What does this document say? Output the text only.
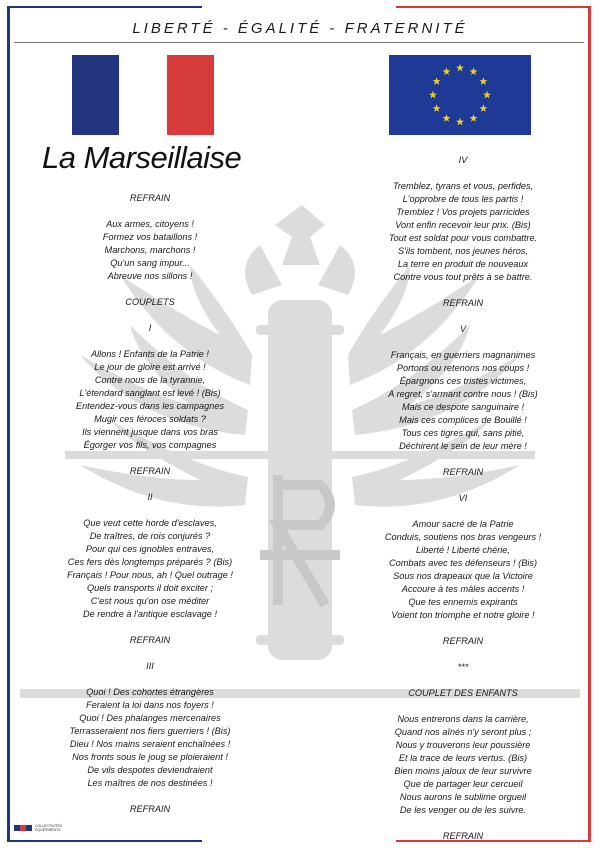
LIBERTÉ - ÉGALITÉ - FRATERNITÉ
La Marseillaise
REFRAIN
Aux armes, citoyens !
Formez vos bataillons !
Marchons, marchons !
Qu'un sang impur...
Abreuve nos sillons !
COUPLETS
I
Allons ! Enfants de la Patrie !
Le jour de gloire est arrivé !
Contre nous de la tyrannie,
L'étendard sanglant est levé ! (Bis)
Entendez-vous dans les campagnes
Mugir ces féroces soldats ?
Ils viennent jusque dans vos bras
Égorger vos fils, vos compagnes
REFRAIN
II
Que veut cette horde d'esclaves,
De traîtres, de rois conjurés ?
Pour qui ces ignobles entraves,
Ces fers dès longtemps préparés ? (Bis)
Français ! Pour nous, ah ! Quel outrage !
Quels transports il doit exciter ;
C'est nous qu'on ose méditer
De rendre à l'antique esclavage !
REFRAIN
III
Quoi ! Des cohortes étrangères
Feraient la loi dans nos foyers !
Quoi ! Des phalanges mercenaires
Terrasseraient nos fiers guerriers ! (Bis)
Dieu ! Nos mains seraient enchaînées !
Nos fronts sous le joug se ploieraient !
De vils despotes deviendraient
Les maîtres de nos destinées !
REFRAIN
IV
Tremblez, tyrans et vous, perfides,
L'opprobre de tous les partis !
Tremblez ! Vos projets parricides
Vont enfin recevoir leur prix. (Bis)
Tout est soldat pour vous combattre.
S'ils tombent, nos jeunes héros,
La terre en produit de nouveaux
Contre vous tout prêts à se battre.
REFRAIN
V
Français, en guerriers magnanimes
Portons ou retenons nos coups !
Épargnons ces tristes victimes,
A regret, s'armant contre nous ! (Bis)
Mais ce despote sanguinaire !
Mais ces complices de Bouillé !
Tous ces tigres qui, sans pitié,
Déchirent le sein de leur mère !
REFRAIN
VI
Amour sacré de la Patrie
Conduis, soutiens nos bras vengeurs !
Liberté ! Liberté chérie,
Combats avec tes défenseurs ! (Bis)
Sous nos drapeaux que la Victoire
Accoure à tes mâles accents !
Que tes ennemis expirants
Voient ton triomphe et notre gloire !
REFRAIN
***
COUPLET DES ENFANTS
Nous entrerons dans la carrière,
Quand nos aînés n'y seront plus ;
Nous y trouverons leur poussière
Et la trace de leurs vertus. (Bis)
Bien moins jaloux de leur survivre
Que de partager leur cercueil
Nous aurons le sublime orgueil
De les venger ou de les suivre.
REFRAIN
COLLECTIVITÉS
ÉQUIPEMENTS
